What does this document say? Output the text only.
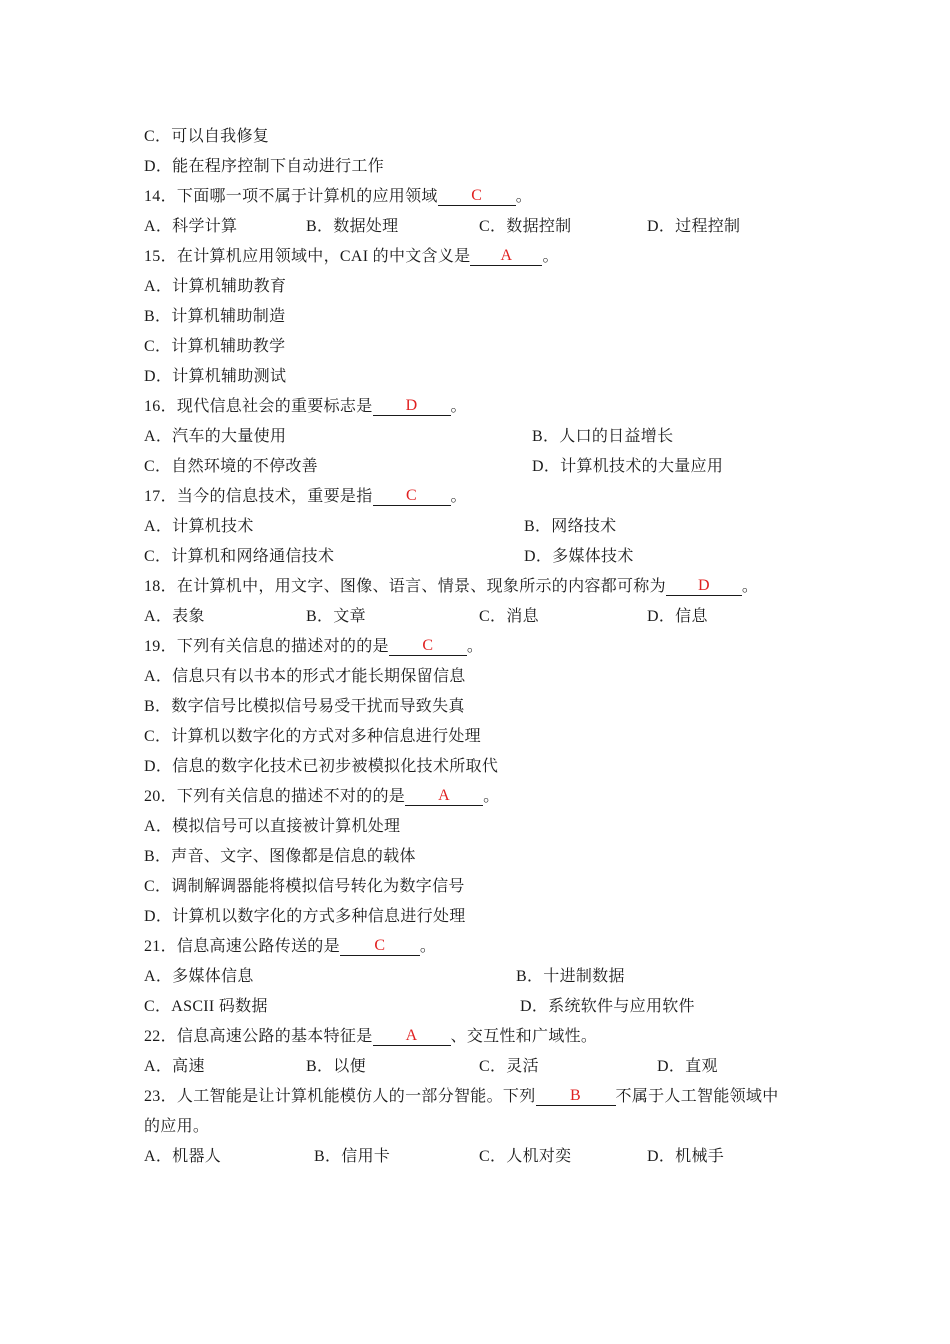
C．可以自我修复
D．能在程序控制下自动进行工作
14．下面哪一项不属于计算机的应用领域 C 。
A．科学计算	B．数据处理	C．数据控制	D．过程控制
15．在计算机应用领域中，CAI 的中文含义是 A 。
A．计算机辅助教育
B．计算机辅助制造
C．计算机辅助教学
D．计算机辅助测试
16．现代信息社会的重要标志是 D 。
A．汽车的大量使用	B．人口的日益增长
C．自然环境的不停改善	D．计算机技术的大量应用
17．当今的信息技术，重要是指 C 。
A．计算机技术	B．网络技术
C．计算机和网络通信技术	D．多媒体技术
18．在计算机中，用文字、图像、语言、情景、现象所示的内容都可称为 D 。
A．表象	B．文章	C．消息	D．信息
19．下列有关信息的描述对的的是 C 。
A．信息只有以书本的形式才能长期保留信息
B．数字信号比模拟信号易受干扰而导致失真
C．计算机以数字化的方式对多种信息进行处理
D．信息的数字化技术已初步被模拟化技术所取代
20．下列有关信息的描述不对的的是 A 。
A．模拟信号可以直接被计算机处理
B．声音、文字、图像都是信息的载体
C．调制解调器能将模拟信号转化为数字信号
D．计算机以数字化的方式多种信息进行处理
21．信息高速公路传送的是 C 。
A．多媒体信息	B．十进制数据
C．ASCII 码数据	D．系统软件与应用软件
22．信息高速公路的基本特征是 A 、交互性和广域性。
A．高速	B．以便	C．灵活	D．直观
23．人工智能是让计算机能模仿人的一部分智能。下列 B 不属于人工智能领域中
的应用。
A．机器人	B．信用卡	C．人机对奕	D．机械手
